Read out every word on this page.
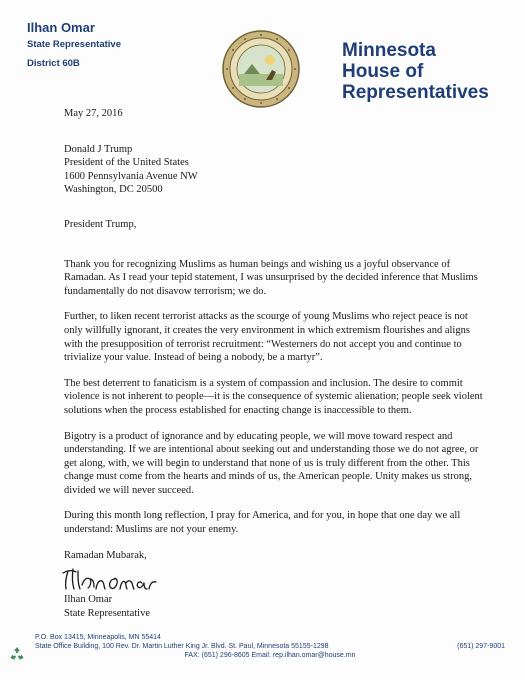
Ilhan Omar
State Representative
District 60B
Minnesota
House of
Representatives
May 27, 2016
Donald J Trump
President of the United States
1600 Pennsylvania Avenue NW
Washington, DC 20500
President Trump,
Thank you for recognizing Muslims as human beings and wishing us a joyful observance of Ramadan. As I read your tepid statement, I was unsurprised by the decided inference that Muslims fundamentally do not disavow terrorism; we do.
Further, to liken recent terrorist attacks as the scourge of young Muslims who reject peace is not only willfully ignorant, it creates the very environment in which extremism flourishes and aligns with the presupposition of terrorist recruitment: “Westerners do not accept you and continue to trivialize your value. Instead of being a nobody, be a martyr”.
The best deterrent to fanaticism is a system of compassion and inclusion. The desire to commit violence is not inherent to people—it is the consequence of systemic alienation; people seek violent solutions when the process established for enacting change is inaccessible to them.
Bigotry is a product of ignorance and by educating people, we will move toward respect and understanding. If we are intentional about seeking out and understanding those we do not agree, or get along, with, we will begin to understand that none of us is truly different from the other. This change must come from the hearts and minds of us, the American people. Unity makes us strong, divided we will never succeed.
During this month long reflection, I pray for America, and for you, in hope that one day we all understand: Muslims are not your enemy.
Ramadan Mubarak,
Ilhan Omar
State Representative
P.O. Box 13415, Minneapolis, MN 55414
State Office Building, 100 Rev. Dr. Martin Luther King Jr. Blvd. St. Paul, Minnesota 55155-1298	(651) 297-9001
FAX: (651) 296-8605 Email: rep.ilhan.omar@house.mn
